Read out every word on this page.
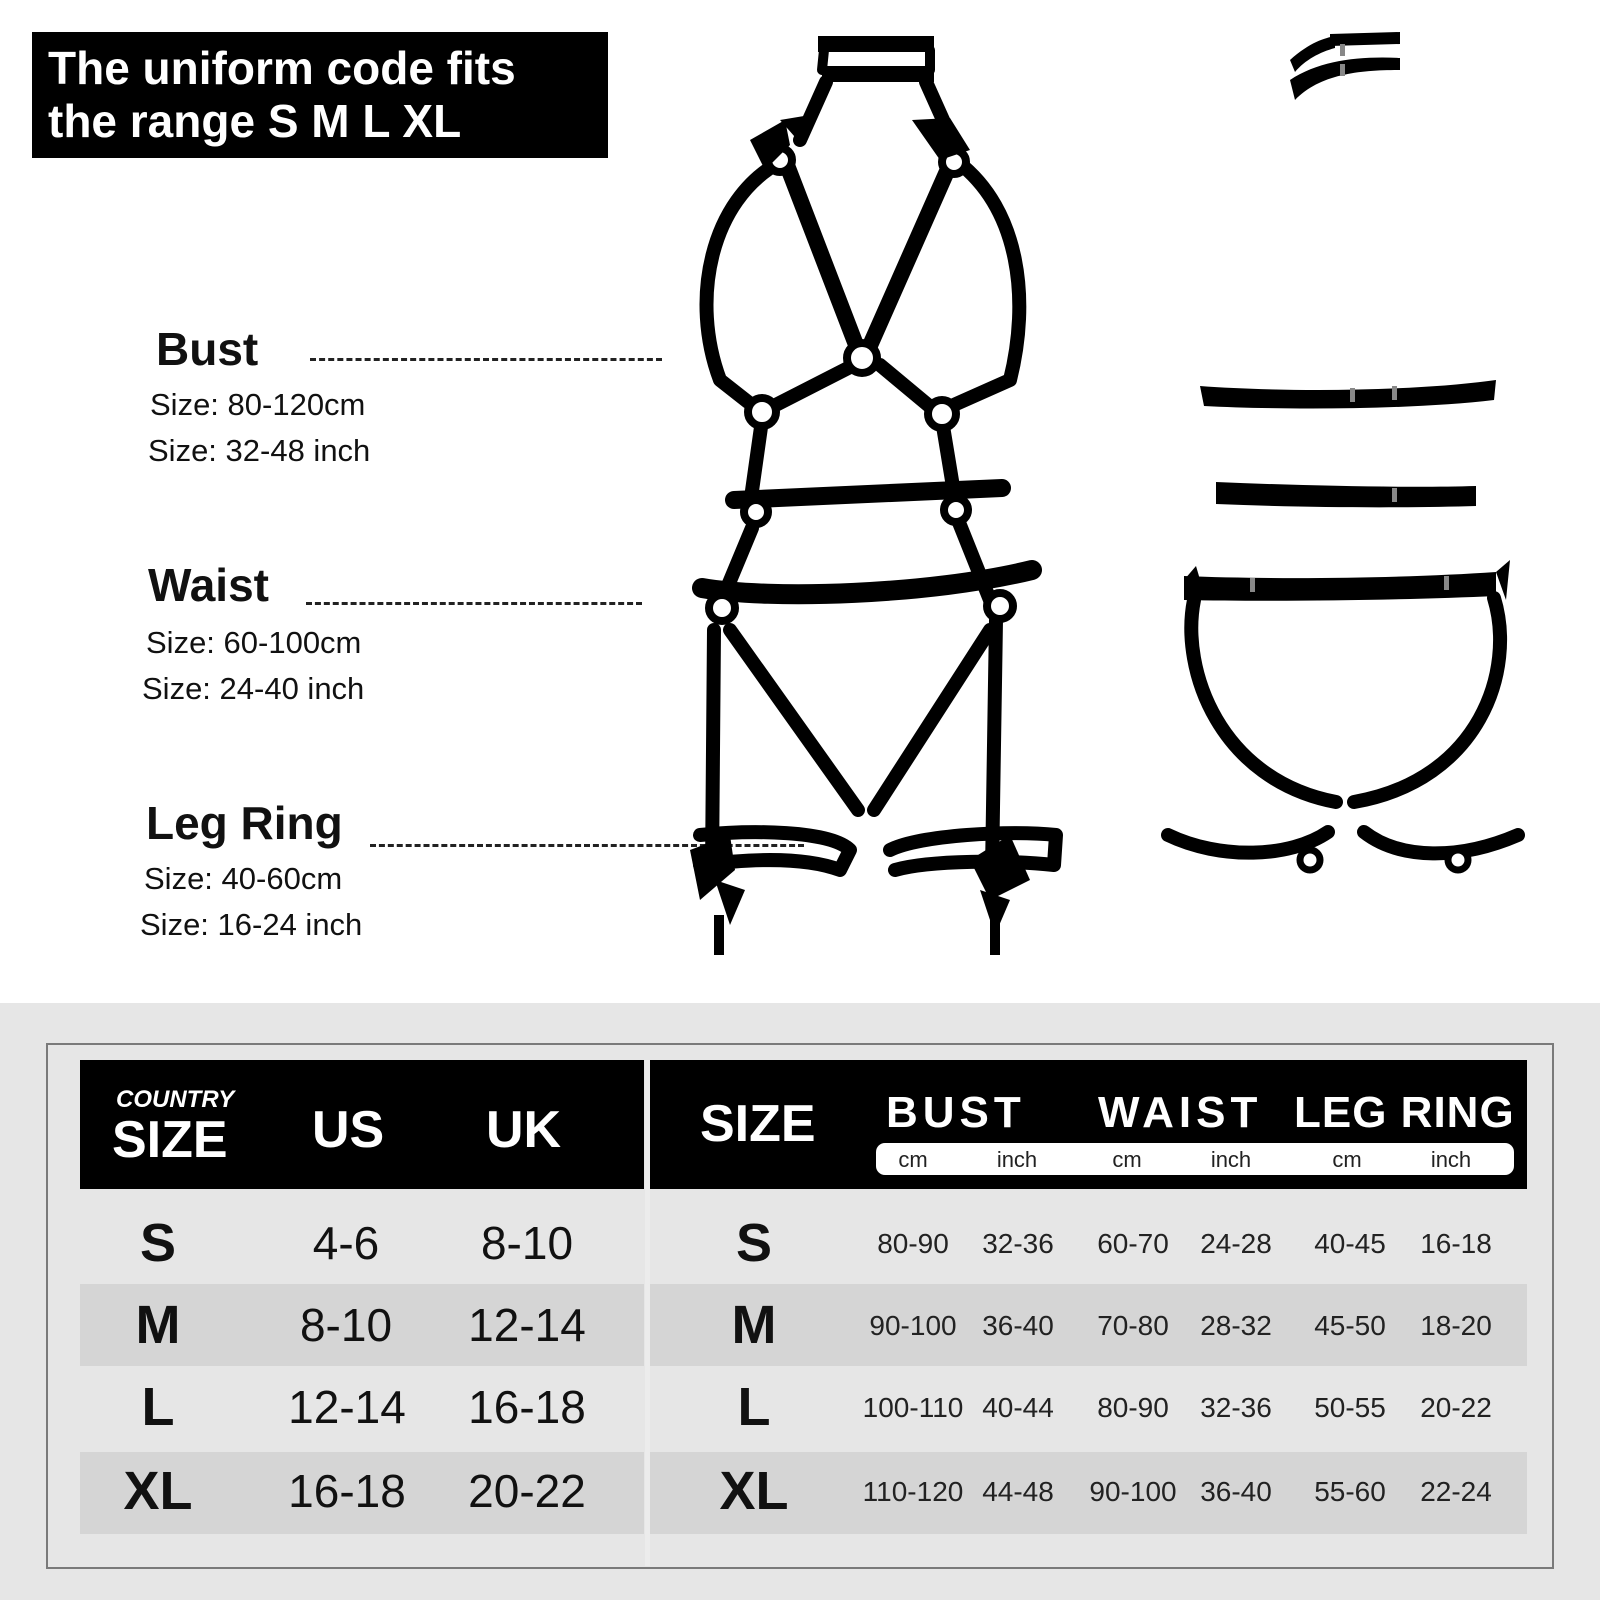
The uniform code fits
the range S M L XL
Bust
Size: 80-120cm
Size: 32-48 inch
Waist
Size: 60-100cm
Size: 24-40 inch
Leg Ring
Size: 40-60cm
Size: 16-24 inch
COUNTRY
SIZE US UK	SIZE BUST WAIST LEG RING
cm	inch	cm	inch	cm	inch
S	4-6	8-10	S	80-90	32-36	60-70	24-28	40-45	16-18
M	8-10	12-14	M	90-100 36-40	70-80	28-32	45-50	18-20
L	12-14 16-18	L	100-110 40-44	80-90	32-36	50-55	20-22
XL	16-18 20-22 XL	110-120 44-48	90-100 36-40	55-60	22-24
